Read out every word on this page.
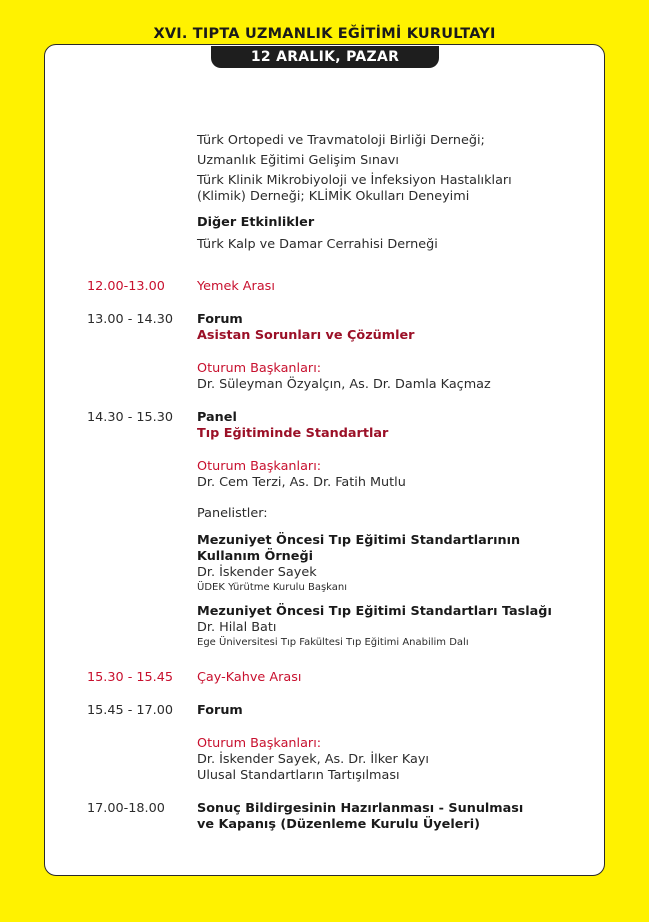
XVI. TIPTA UZMANLIK EĞİTİMİ KURULTAYI
12 ARALIK, PAZAR
Türk Ortopedi ve Travmatoloji Birliği Derneği;
Uzmanlık Eğitimi Gelişim Sınavı
Türk Klinik Mikrobiyoloji ve İnfeksiyon Hastalıkları
(Klimik) Derneği; KLİMİK Okulları Deneyimi
Diğer Etkinlikler
Türk Kalp ve Damar Cerrahisi Derneği
12.00-13.00	Yemek Arası
13.00 - 14.30 Forum
Asistan Sorunları ve Çözümler
Oturum Başkanları:
Dr. Süleyman Özyalçın, As. Dr. Damla Kaçmaz
14.30 - 15.30 Panel
Tıp Eğitiminde Standartlar
Oturum Başkanları:
Dr. Cem Terzi, As. Dr. Fatih Mutlu
Panelistler:
Mezuniyet Öncesi Tıp Eğitimi Standartlarının
Kullanım Örneği
Dr. İskender Sayek
ÜDEK Yürütme Kurulu Başkanı
Mezuniyet Öncesi Tıp Eğitimi Standartları Taslağı
Dr. Hilal Batı
Ege Üniversitesi Tıp Fakültesi Tıp Eğitimi Anabilim Dalı
15.30 - 15.45 Çay-Kahve Arası
15.45 - 17.00 Forum
Oturum Başkanları:
Dr. İskender Sayek, As. Dr. İlker Kayı
Ulusal Standartların Tartışılması
17.00-18.00	Sonuç Bildirgesinin Hazırlanması - Sunulması
ve Kapanış (Düzenleme Kurulu Üyeleri)
